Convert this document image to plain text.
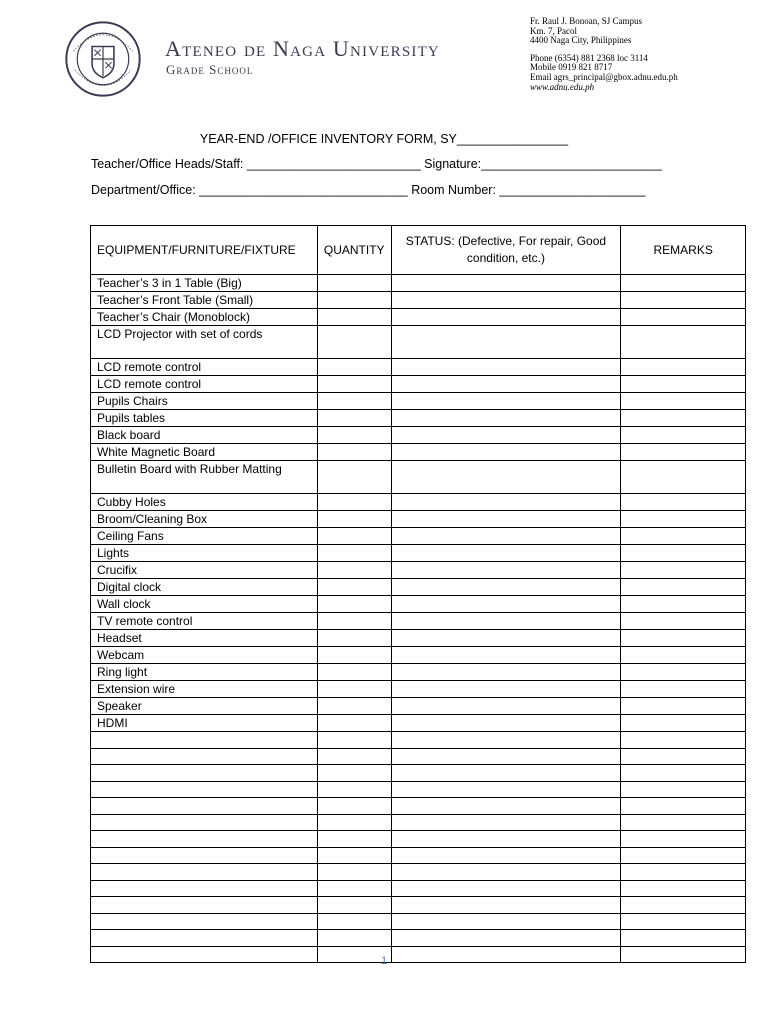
Ateneo de Naga University
Grade School
Fr. Raul J. Bonoan, SJ Campus
Km. 7, Pacol
4400 Naga City, Philippines
Phone (6354) 881 2368 loc 3114
Mobile 0919 821 8717
Email agrs_principal@gbox.adnu.edu.ph
www.adnu.edu.ph
YEAR-END /OFFICE INVENTORY FORM, SY________________
Teacher/Office Heads/Staff: _________________________ Signature:__________________________
Department/Office: ______________________________ Room Number: _____________________
EQUIPMENT/FURNITURE/FIXTURE	QUANTITY	STATUS: (Defective, For repair, Good condition, etc.)	REMARKS
Teacher’s 3 in 1 Table (Big)			
Teacher’s Front Table (Small)			
Teacher’s Chair (Monoblock)			
LCD Projector with set of cords			
LCD remote control			
LCD remote control			
Pupils Chairs			
Pupils tables			
Black board			
White Magnetic Board			
Bulletin Board with Rubber Matting			
Cubby Holes			
Broom/Cleaning Box			
Ceiling Fans			
Lights			
Crucifix			
Digital clock			
Wall clock			
TV remote control			
Headset			
Webcam			
Ring light			
Extension wire			
Speaker			
HDMI			

1
